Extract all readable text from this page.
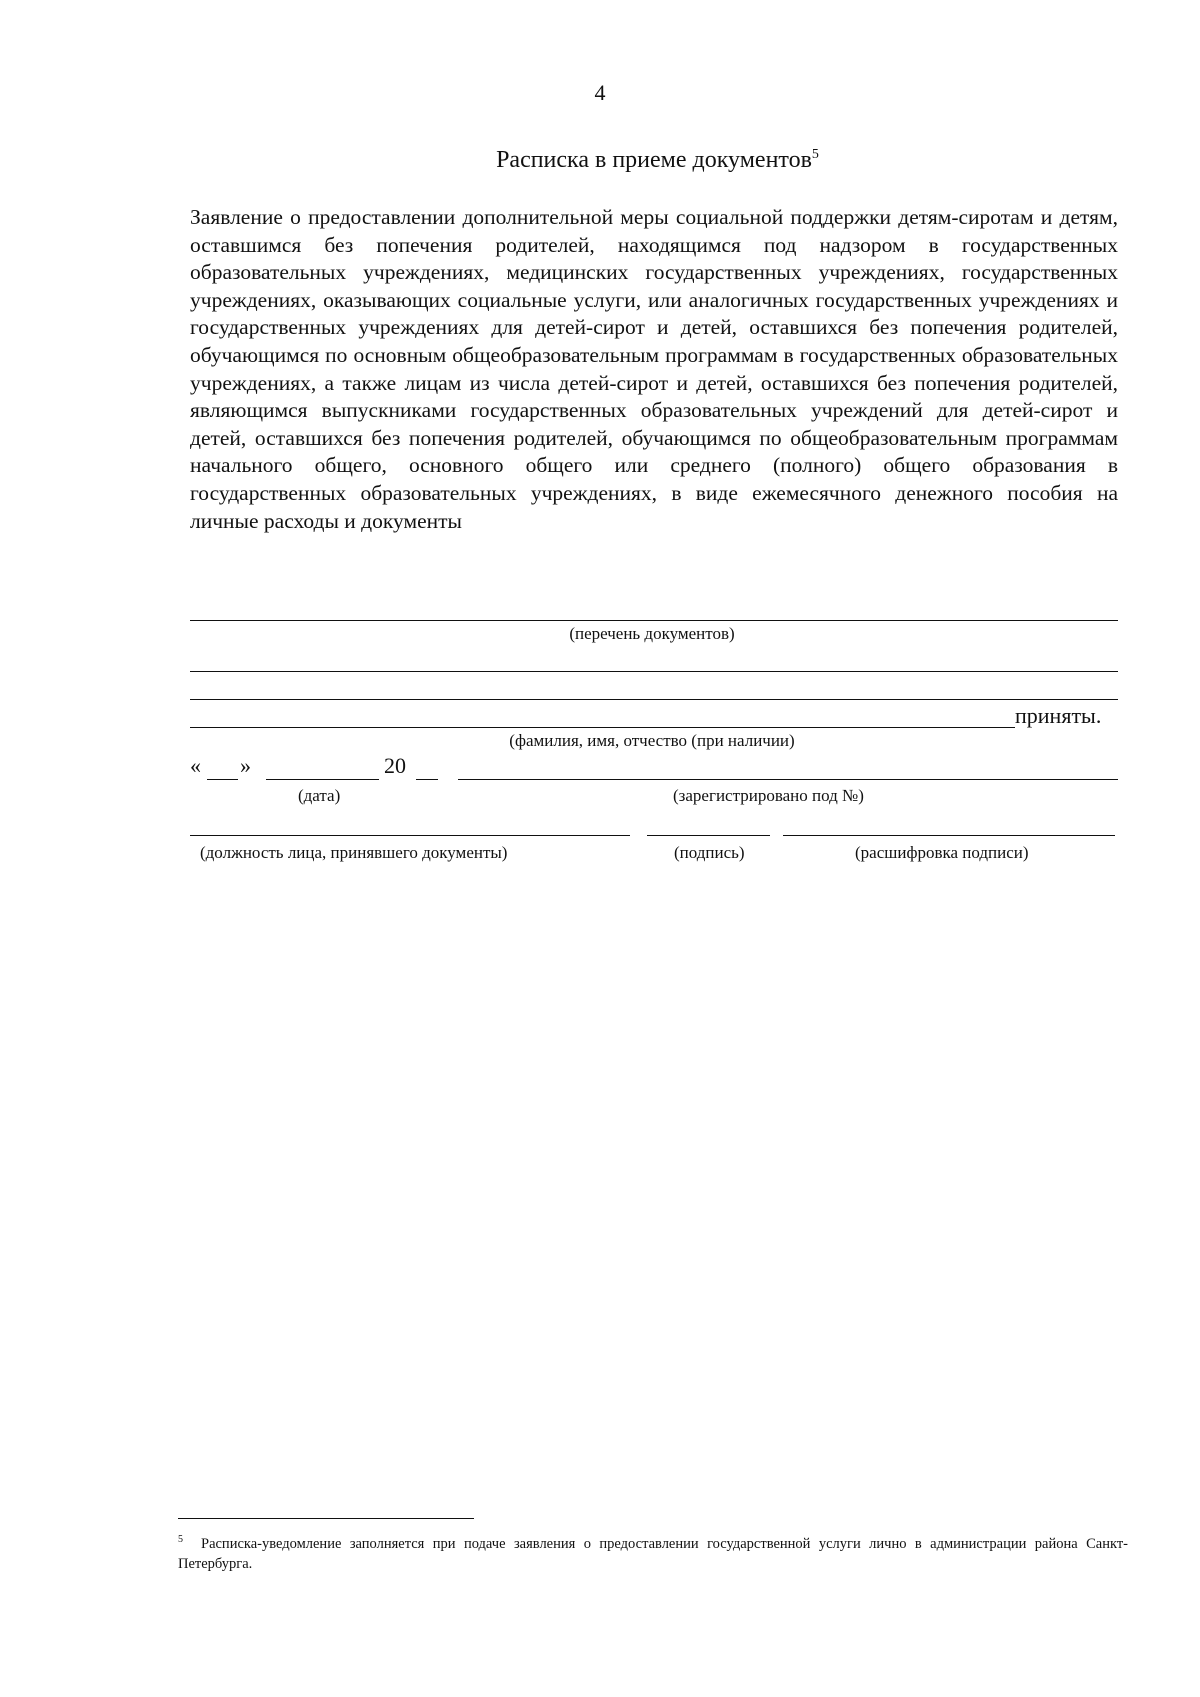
4
Расписка в приеме документов$^5$
Заявление о предоставлении дополнительной меры социальной поддержки детям-сиротам и детям, оставшимся без попечения родителей, находящимся под надзором в государственных образовательных учреждениях, медицинских государственных учреждениях, государственных учреждениях, оказывающих социальные услуги, или аналогичных государственных учреждениях и государственных учреждениях для детей-сирот и детей, оставшихся без попечения родителей, обучающимся по основным общеобразовательным программам в государственных образовательных учреждениях, а также лицам из числа детей-сирот и детей, оставшихся без попечения родителей, являющимся выпускниками государственных образовательных учреждений для детей-сирот и детей, оставшихся без попечения родителей, обучающимся по общеобразовательным программам начального общего, основного общего или среднего (полного) общего образования в государственных образовательных учреждениях, в виде ежемесячного денежного пособия на личные расходы и документы
(перечень документов)
приняты.
(фамилия, имя, отчество (при наличии)
« »	20
(дата)	(зарегистрировано под №)
(должность лица, принявшего документы)	(подпись)	(расшифровка подписи)
$^5$ Расписка-уведомление заполняется при подаче заявления о предоставлении государственной услуги лично в администрации района Санкт-Петербурга.
